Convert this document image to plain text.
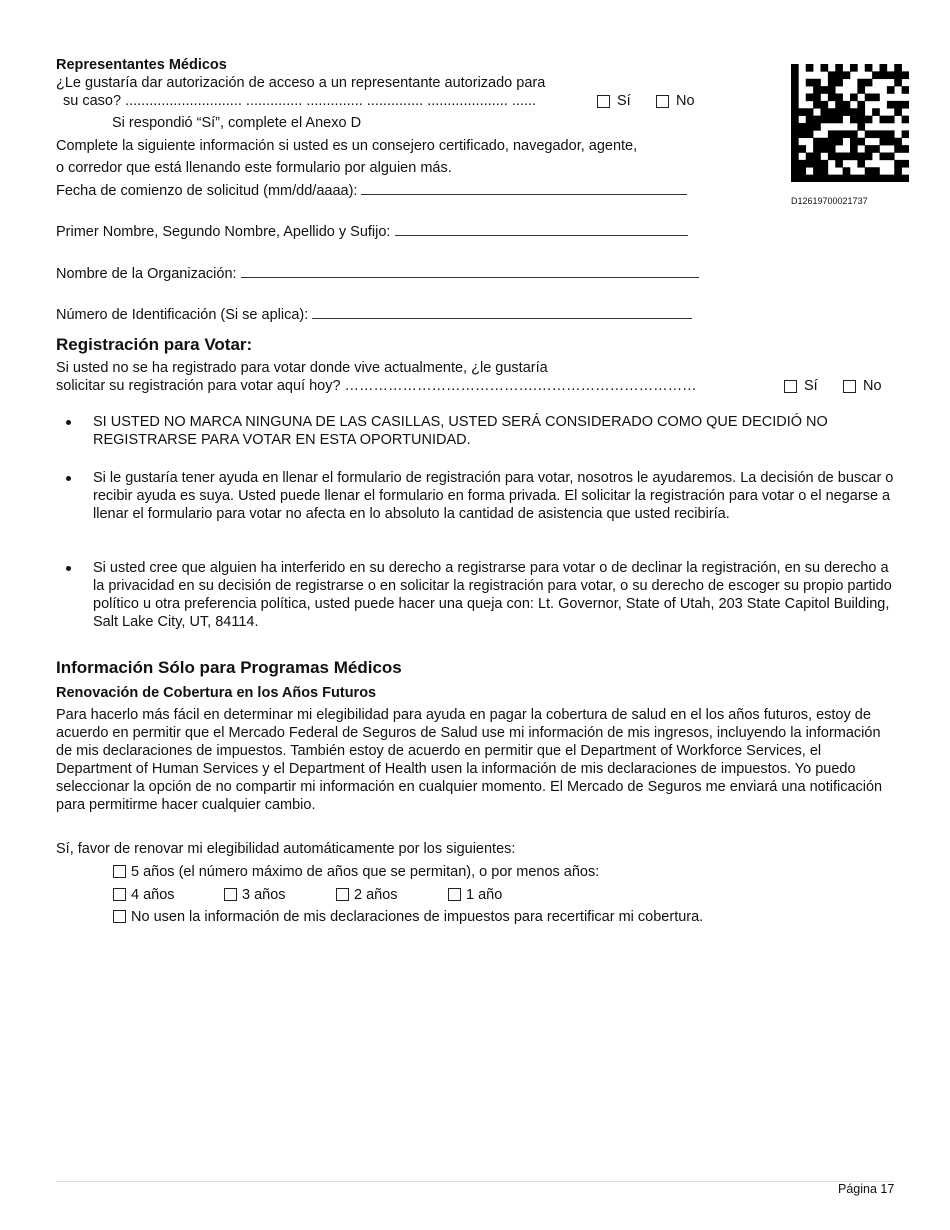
Representantes Médicos
¿Le gustaría dar autorización de acceso a un representante autorizado para
su caso? ............................. .............. .............. .............. .................... ......	Sí	No
Si respondió “Sí”, complete el Anexo D
Complete la siguiente información si usted es un consejero certificado, navegador, agente,
o corredor que está llenando este formulario por alguien más.
Fecha de comienzo de solicitud (mm/dd/aaaa):
Primer Nombre, Segundo Nombre, Apellido y Sufijo:
Nombre de la Organización:
Número de Identificación (Si se aplica):
D12619700021737
Registración para Votar:
Si usted no se ha registrado para votar donde vive actualmente, ¿le gustaría
solicitar su registración para votar aquí hoy? ………………………………….……………………………	Sí	No
SI USTED NO MARCA NINGUNA DE LAS CASILLAS, USTED SERÁ CONSIDERADO COMO QUE DECIDIÓ NO REGISTRARSE PARA VOTAR EN ESTA OPORTUNIDAD.
Si le gustaría tener ayuda en llenar el formulario de registración para votar, nosotros le ayudaremos. La decisión de buscar o recibir ayuda es suya. Usted puede llenar el formulario en forma privada. El solicitar la registración para votar o el negarse a llenar el formulario para votar no afecta en lo absoluto la cantidad de asistencia que usted recibiría.
Si usted cree que alguien ha interferido en su derecho a registrarse para votar o de declinar la registración, en su derecho a la privacidad en su decisión de registrarse o en solicitar la registración para votar, o su derecho de escoger su propio partido político u otra preferencia política, usted puede hacer una queja con: Lt. Governor, State of Utah, 203 State Capitol Building, Salt Lake City, UT, 84114.
Información Sólo para Programas Médicos
Renovación de Cobertura en los Años Futuros
Para hacerlo más fácil en determinar mi elegibilidad para ayuda en pagar la cobertura de salud en el los años futuros, estoy de acuerdo en permitir que el Mercado Federal de Seguros de Salud use mi información de mis ingresos, incluyendo la información de mis declaraciones de impuestos. También estoy de acuerdo en permitir que el Department of Workforce Services, el Department of Human Services y el Department of Health usen la información de mis declaraciones de impuestos. Yo puedo seleccionar la opción de no compartir mi información en cualquier momento. El Mercado de Seguros me enviará una notificación para permitirme hacer cualquier cambio.
Sí, favor de renovar mi elegibilidad automáticamente por los siguientes:
5 años (el número máximo de años que se permitan), o por menos años:
4 años	3 años	2 años	1 año
No usen la información de mis declaraciones de impuestos para recertificar mi cobertura.
Página 17
